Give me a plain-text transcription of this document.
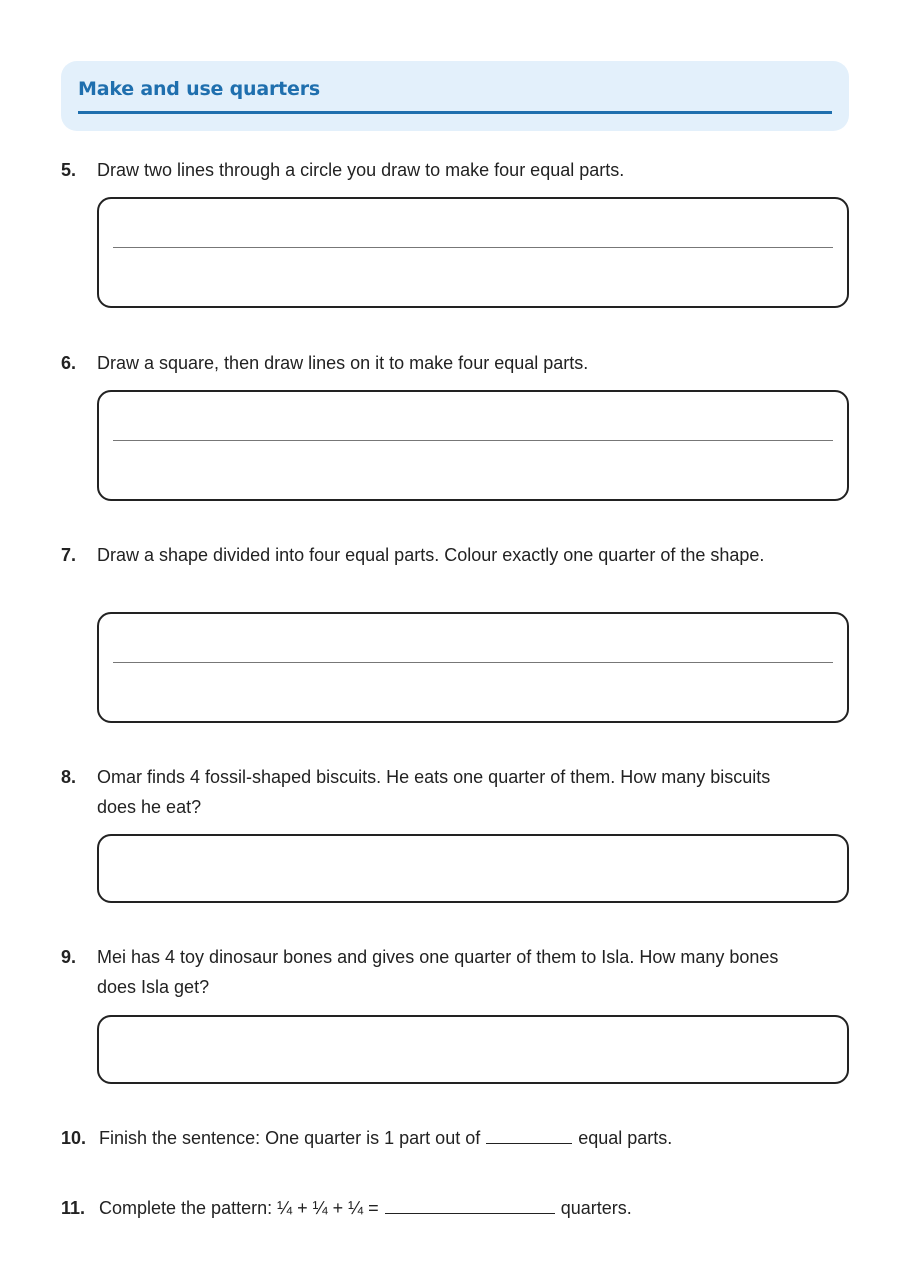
Make and use quarters
5. Draw two lines through a circle you draw to make four equal parts.
6. Draw a square, then draw lines on it to make four equal parts.
7. Draw a shape divided into four equal parts. Colour exactly one quarter of the shape.
8. Omar finds 4 fossil-shaped biscuits. He eats one quarter of them. How many biscuits does he eat?
9. Mei has 4 toy dinosaur bones and gives one quarter of them to Isla. How many bones does Isla get?
10. Finish the sentence: One quarter is 1 part out of	equal parts.
11. Complete the pattern: ¼ + ¼ + ¼ =	quarters.
